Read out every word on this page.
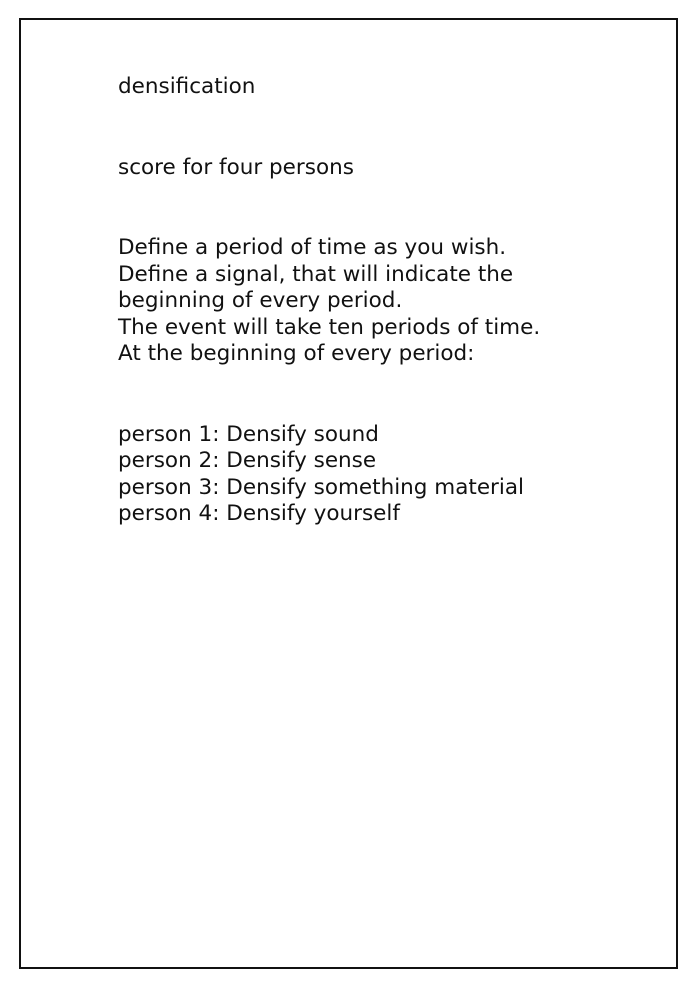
densification
score for four persons
Define a period of time as you wish.
Define a signal, that will indicate the
beginning of every period.
The event will take ten periods of time.
At the beginning of every period:
person 1: Densify sound
person 2: Densify sense
person 3: Densify something material
person 4: Densify yourself
